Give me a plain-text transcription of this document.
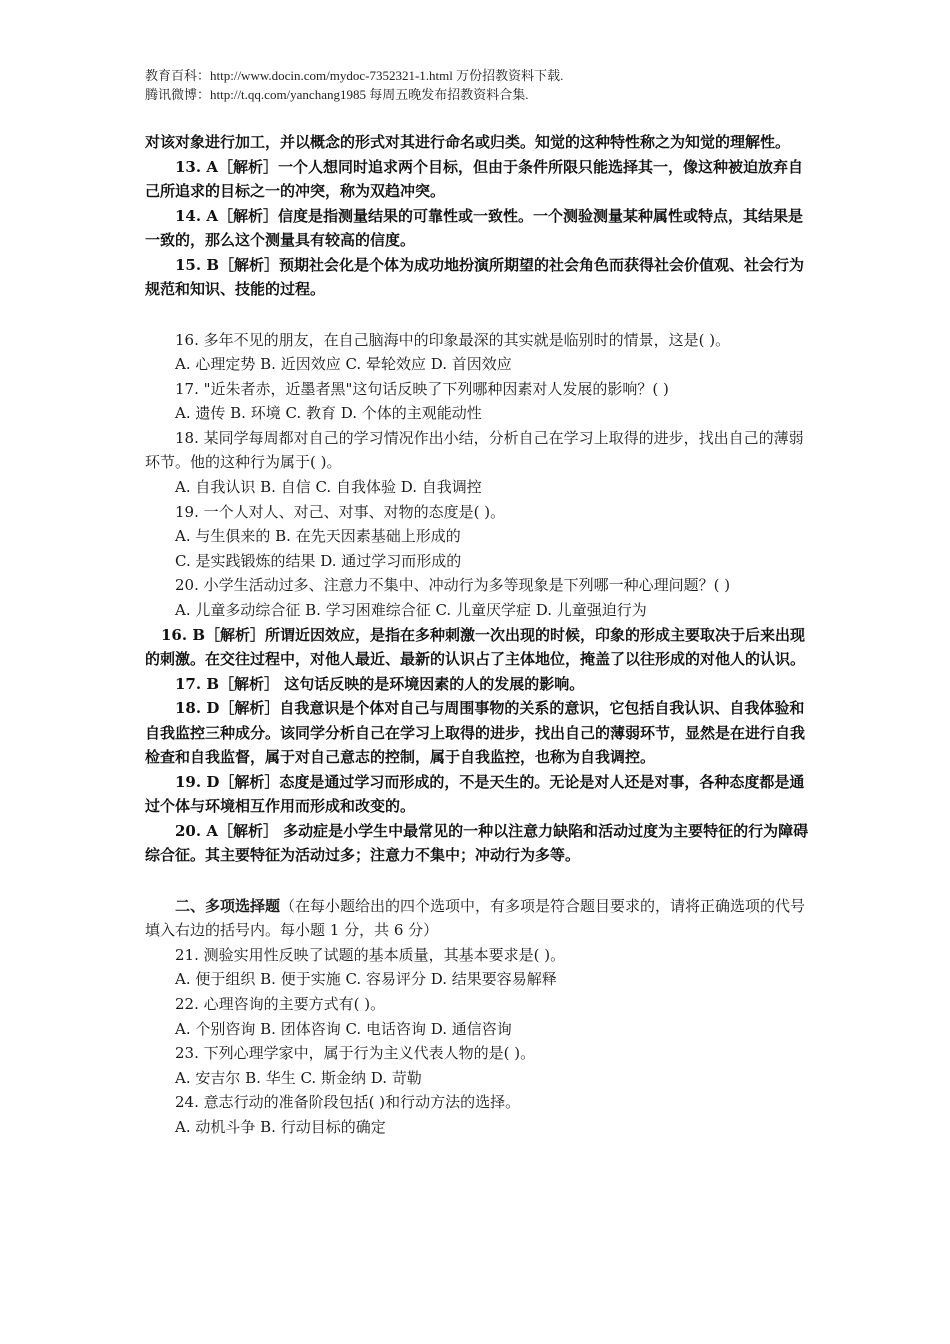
教育百科：http://www.docin.com/mydoc-7352321-1.html 万份招教资料下载.
腾讯微博：http://t.qq.com/yanchang1985 每周五晚发布招教资料合集.

对该对象进行加工，并以概念的形式对其进行命名或归类。知觉的这种特性称之为知觉的理解性。

13. A［解析］一个人想同时追求两个目标，但由于条件所限只能选择其一，像这种被迫放弃自己所追求的目标之一的冲突，称为双趋冲突。

14. A［解析］信度是指测量结果的可靠性或一致性。一个测验测量某种属性或特点，其结果是一致的，那么这个测量具有较高的信度。

15. B［解析］预期社会化是个体为成功地扮演所期望的社会角色而获得社会价值观、社会行为规范和知识、技能的过程。

16. 多年不见的朋友，在自己脑海中的印象最深的其实就是临别时的情景，这是( )。

A. 心理定势 B. 近因效应 C. 晕轮效应 D. 首因效应

17. "近朱者赤，近墨者黑"这句话反映了下列哪种因素对人发展的影响？( )

A. 遗传 B. 环境 C. 教育 D. 个体的主观能动性

18. 某同学每周都对自己的学习情况作出小结，分析自己在学习上取得的进步，找出自己的薄弱环节。他的这种行为属于( )。

A. 自我认识 B. 自信 C. 自我体验 D. 自我调控

19. 一个人对人、对己、对事、对物的态度是( )。

A. 与生俱来的 B. 在先天因素基础上形成的

C. 是实践锻炼的结果 D. 通过学习而形成的

20. 小学生活动过多、注意力不集中、冲动行为多等现象是下列哪一种心理问题？( )

A. 儿童多动综合征 B. 学习困难综合征 C. 儿童厌学症 D. 儿童强迫行为

16. B［解析］所谓近因效应，是指在多种刺激一次出现的时候，印象的形成主要取决于后来出现的刺激。在交往过程中，对他人最近、最新的认识占了主体地位，掩盖了以往形成的对他人的认识。

17. B［解析］ 这句话反映的是环境因素的人的发展的影响。

18. D［解析］自我意识是个体对自己与周围事物的关系的意识，它包括自我认识、自我体验和自我监控三种成分。该同学分析自己在学习上取得的进步，找出自己的薄弱环节，显然是在进行自我检查和自我监督，属于对自己意志的控制，属于自我监控，也称为自我调控。

19. D［解析］态度是通过学习而形成的，不是天生的。无论是对人还是对事，各种态度都是通过个体与环境相互作用而形成和改变的。

20. A［解析］ 多动症是小学生中最常见的一种以注意力缺陷和活动过度为主要特征的行为障碍综合征。其主要特征为活动过多；注意力不集中；冲动行为多等。

二、多项选择题（在每小题给出的四个选项中，有多项是符合题目要求的，请将正确选项的代号填入右边的括号内。每小题 1 分，共 6 分）

21. 测验实用性反映了试题的基本质量，其基本要求是( )。

A. 便于组织 B. 便于实施 C. 容易评分 D. 结果要容易解释

22. 心理咨询的主要方式有( )。

A. 个别咨询 B. 团体咨询 C. 电话咨询 D. 通信咨询

23. 下列心理学家中，属于行为主义代表人物的是( )。

A. 安吉尔 B. 华生 C. 斯金纳 D. 苛勒

24. 意志行动的准备阶段包括( )和行动方法的选择。

A. 动机斗争 B. 行动目标的确定
